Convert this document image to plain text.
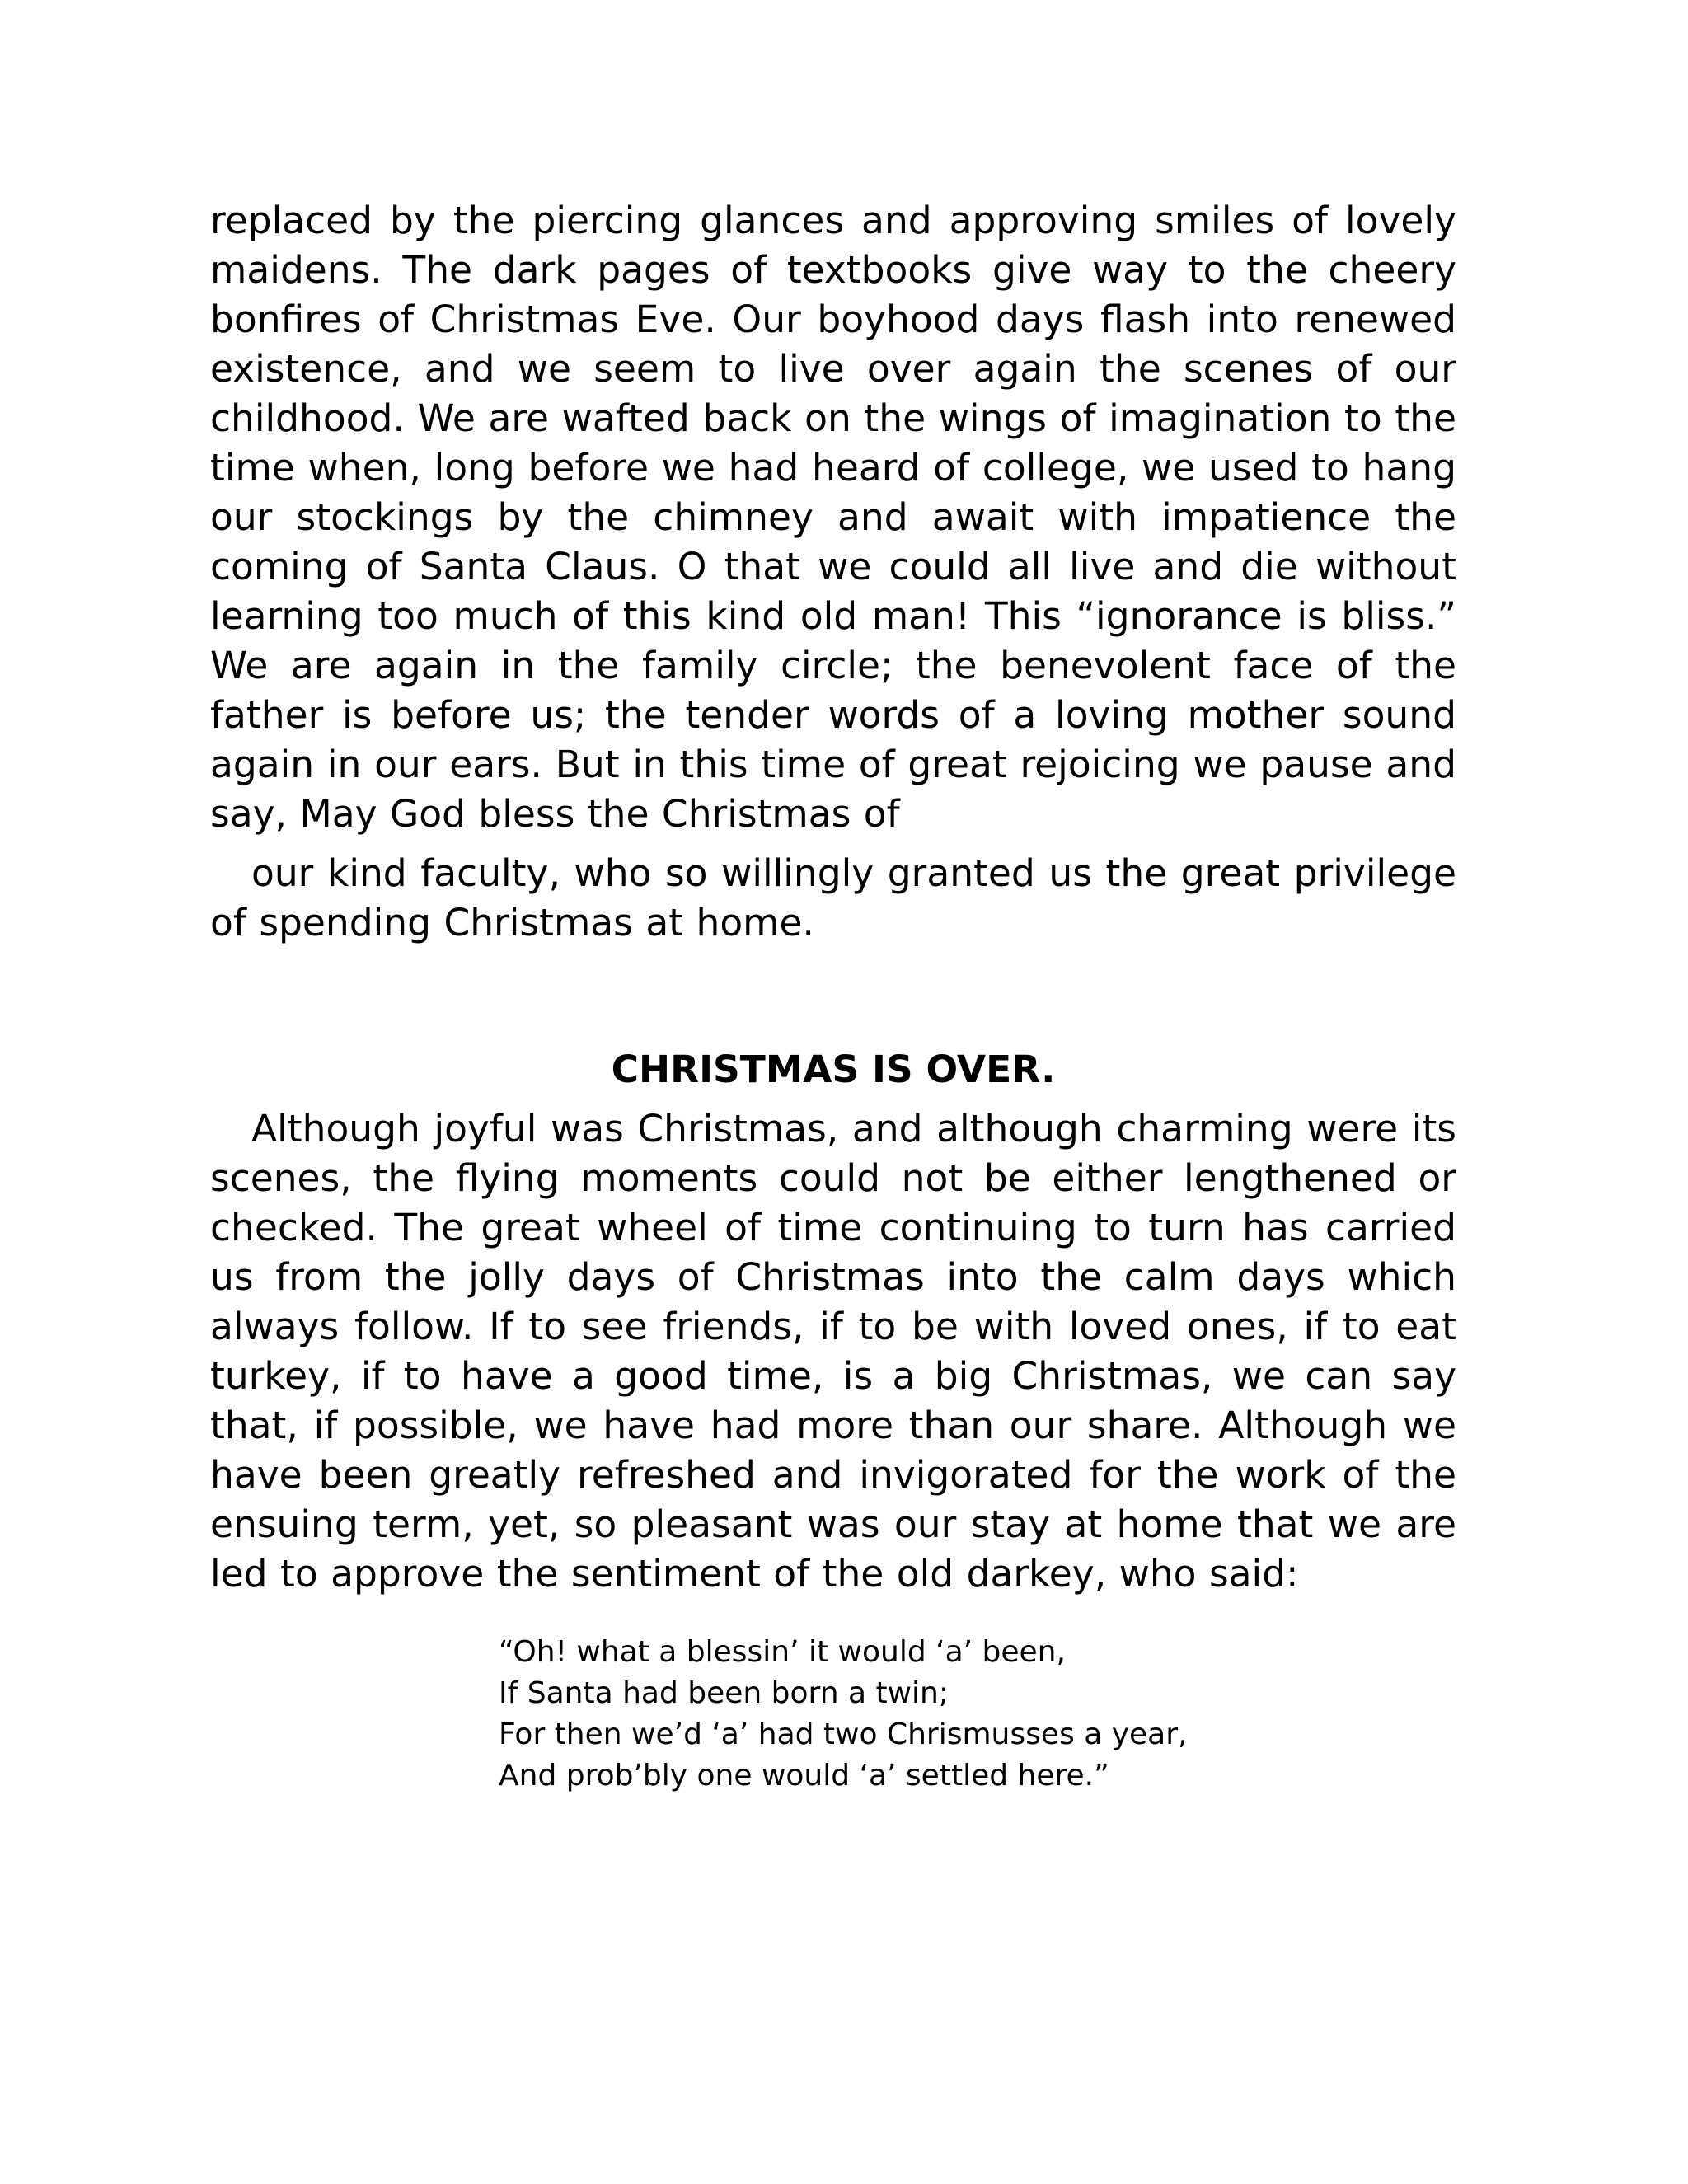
replaced by the piercing glances and approving smiles of lovely maidens. The dark pages of textbooks give way to the cheery bonfires of Christmas Eve. Our boyhood days flash into renewed existence, and we seem to live over again the scenes of our childhood. We are wafted back on the wings of imagination to the time when, long before we had heard of college, we used to hang our stockings by the chimney and await with impatience the coming of Santa Claus. O that we could all live and die without learning too much of this kind old man! This “ignorance is bliss.” We are again in the family circle; the benevolent face of the father is before us; the tender words of a loving mother sound again in our ears. But in this time of great rejoicing we pause and say, May God bless the Christmas of

our kind faculty, who so willingly granted us the great privilege of spending Christmas at home.

CHRISTMAS IS OVER.

Although joyful was Christmas, and although charming were its scenes, the flying moments could not be either lengthened or checked. The great wheel of time continuing to turn has carried us from the jolly days of Christmas into the calm days which always follow. If to see friends, if to be with loved ones, if to eat turkey, if to have a good time, is a big Christmas, we can say that, if possible, we have had more than our share. Although we have been greatly refreshed and invigorated for the work of the ensuing term, yet, so pleasant was our stay at home that we are led to approve the sentiment of the old darkey, who said:

“Oh! what a blessin’ it would ‘a’ been,
If Santa had been born a twin;
For then we’d ‘a’ had two Chrismusses a year,
And prob’bly one would ‘a’ settled here.”
